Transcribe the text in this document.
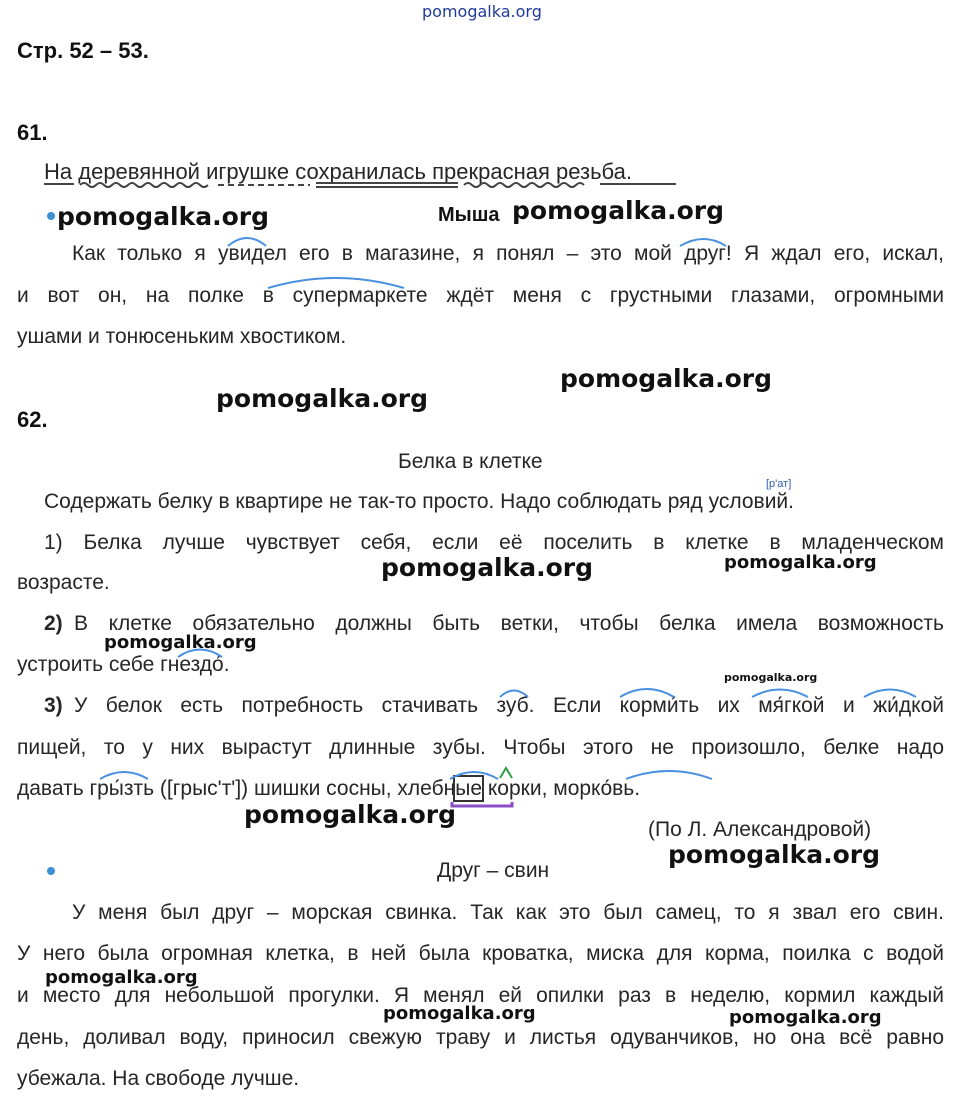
pomogalka.org
Стр. 52 – 53.
61.
На деревянной игрушке сохранилась прекрасная резьба.
pomogalka.org	Мыша pomogalka.org
Как только я увидел его в магазине, я понял – это мой друг! Я ждал его, искал,
и вот он, на полке в супермаркете ждёт меня с грустными глазами, огромными
ушами и тонюсеньким хвостиком.
pomogalka.org
pomogalka.org
62.
Белка в клетке
[р'ат]
Содержать белку в квартире не так-то просто. Надо соблюдать ряд условий.
1) Белка лучше чувствует себя, если её поселить в клетке в младенческом
возрасте.
pomogalka.org	pomogalka.org
2) В клетке обязательно должны быть ветки, чтобы белка имела возможность
pomogalka.org
устроить себе гнездо́.
pomogalka.org
3) У белок есть потребность стачивать зуб. Если корми́ть их мя́гкой и жи́дкой
пищей, то у них вырастут длинные зубы. Чтобы этого не произошло, белке надо
давать гры́зть ([грыс'т']) шишки сосны, хлебные корки, морко́вь.
pomogalka.org
(По Л. Александровой)
pomogalka.org
Друг – свин
У меня был друг – морская свинка. Так как это был самец, то я звал его свин.
У него была огромная клетка, в ней была кроватка, миска для корма, поилка с водой
pomogalka.org
и место для небольшой прогулки. Я менял ей опилки раз в неделю, кормил каждый
pomogalka.org	pomogalka.org
день, доливал воду, приносил свежую траву и листья одуванчиков, но она всё равно
убежала. На свободе лучше.
